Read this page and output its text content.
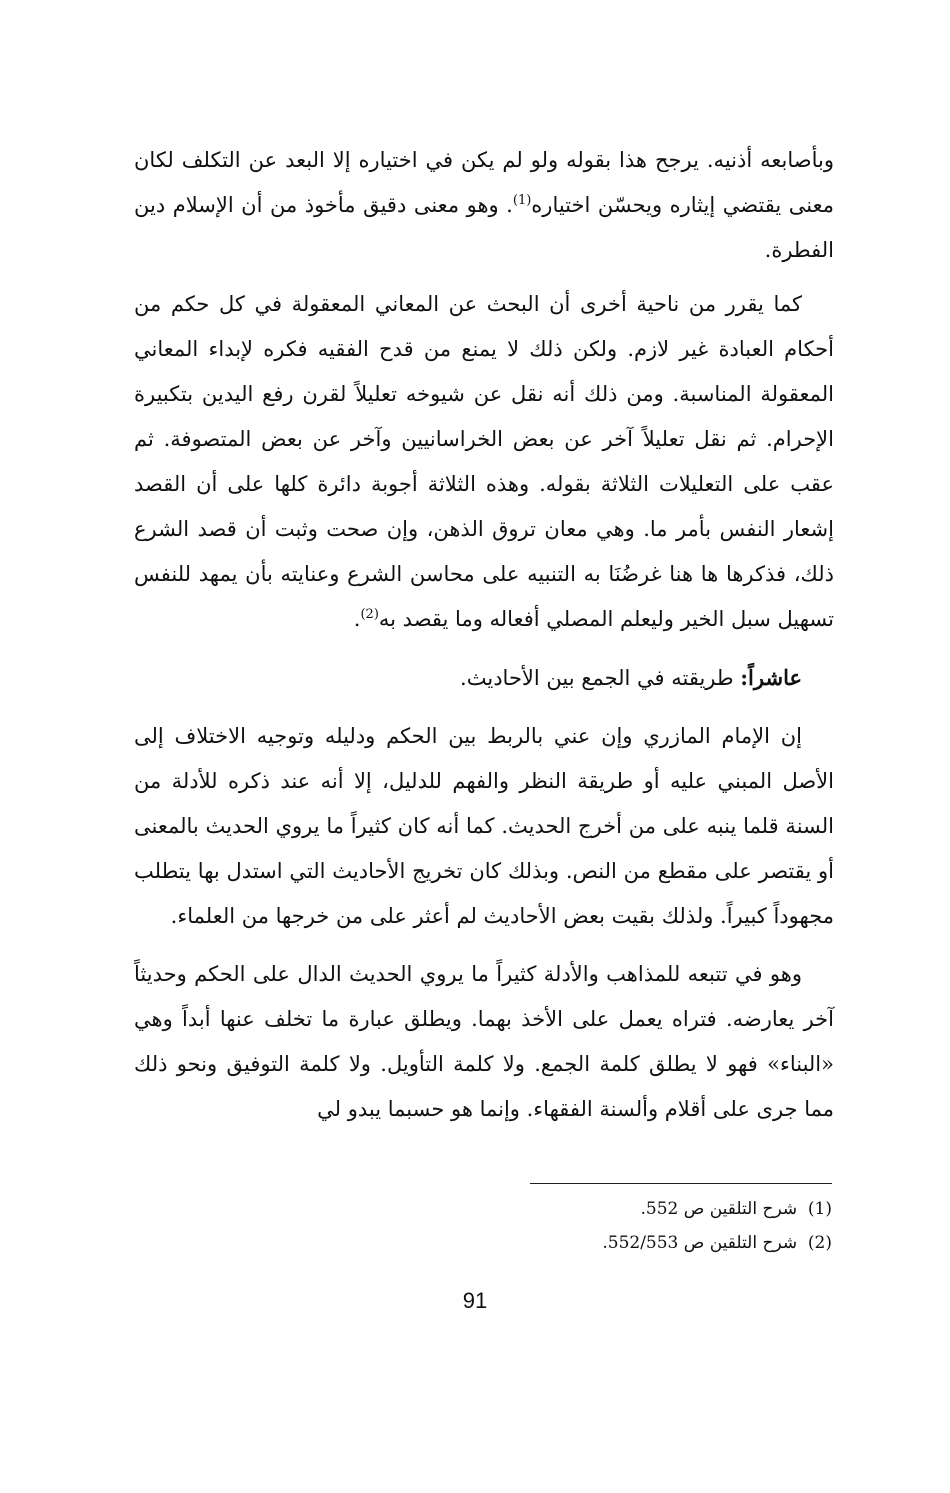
وبأصابعه أذنيه. يرجح هذا بقوله ولو لم يكن في اختياره إلا البعد عن التكلف لكان معنى يقتضي إيثاره ويحسّن اختياره$^{(1)}$. وهو معنى دقيق مأخوذ من أن الإسلام دين الفطرة.

كما يقرر من ناحية أخرى أن البحث عن المعاني المعقولة في كل حكم من أحكام العبادة غير لازم. ولكن ذلك لا يمنع من قدح الفقيه فكره لإبداء المعاني المعقولة المناسبة. ومن ذلك أنه نقل عن شيوخه تعليلاً لقرن رفع اليدين بتكبيرة الإحرام. ثم نقل تعليلاً آخر عن بعض الخراسانيين وآخر عن بعض المتصوفة. ثم عقب على التعليلات الثلاثة بقوله. وهذه الثلاثة أجوبة دائرة كلها على أن القصد إشعار النفس بأمر ما. وهي معان تروق الذهن، وإن صحت وثبت أن قصد الشرع ذلك، فذكرها ها هنا غرضُنَا به التنبيه على محاسن الشرع وعنايته بأن يمهد للنفس تسهيل سبل الخير وليعلم المصلي أفعاله وما يقصد به$^{(2)}$.

عاشراً: طريقته في الجمع بين الأحاديث.

إن الإمام المازري وإن عني بالربط بين الحكم ودليله وتوجيه الاختلاف إلى الأصل المبني عليه أو طريقة النظر والفهم للدليل، إلا أنه عند ذكره للأدلة من السنة قلما ينبه على من أخرج الحديث. كما أنه كان كثيراً ما يروي الحديث بالمعنى أو يقتصر على مقطع من النص. وبذلك كان تخريج الأحاديث التي استدل بها يتطلب مجهوداً كبيراً. ولذلك بقيت بعض الأحاديث لم أعثر على من خرجها من العلماء.

وهو في تتبعه للمذاهب والأدلة كثيراً ما يروي الحديث الدال على الحكم وحديثاً آخر يعارضه. فتراه يعمل على الأخذ بهما. ويطلق عبارة ما تخلف عنها أبداً وهي «البناء» فهو لا يطلق كلمة الجمع. ولا كلمة التأويل. ولا كلمة التوفيق ونحو ذلك مما جرى على أقلام وألسنة الفقهاء. وإنما هو حسبما يبدو لي

(1)  شرح التلقين ص 552.

(2)  شرح التلقين ص 552/553.

91
